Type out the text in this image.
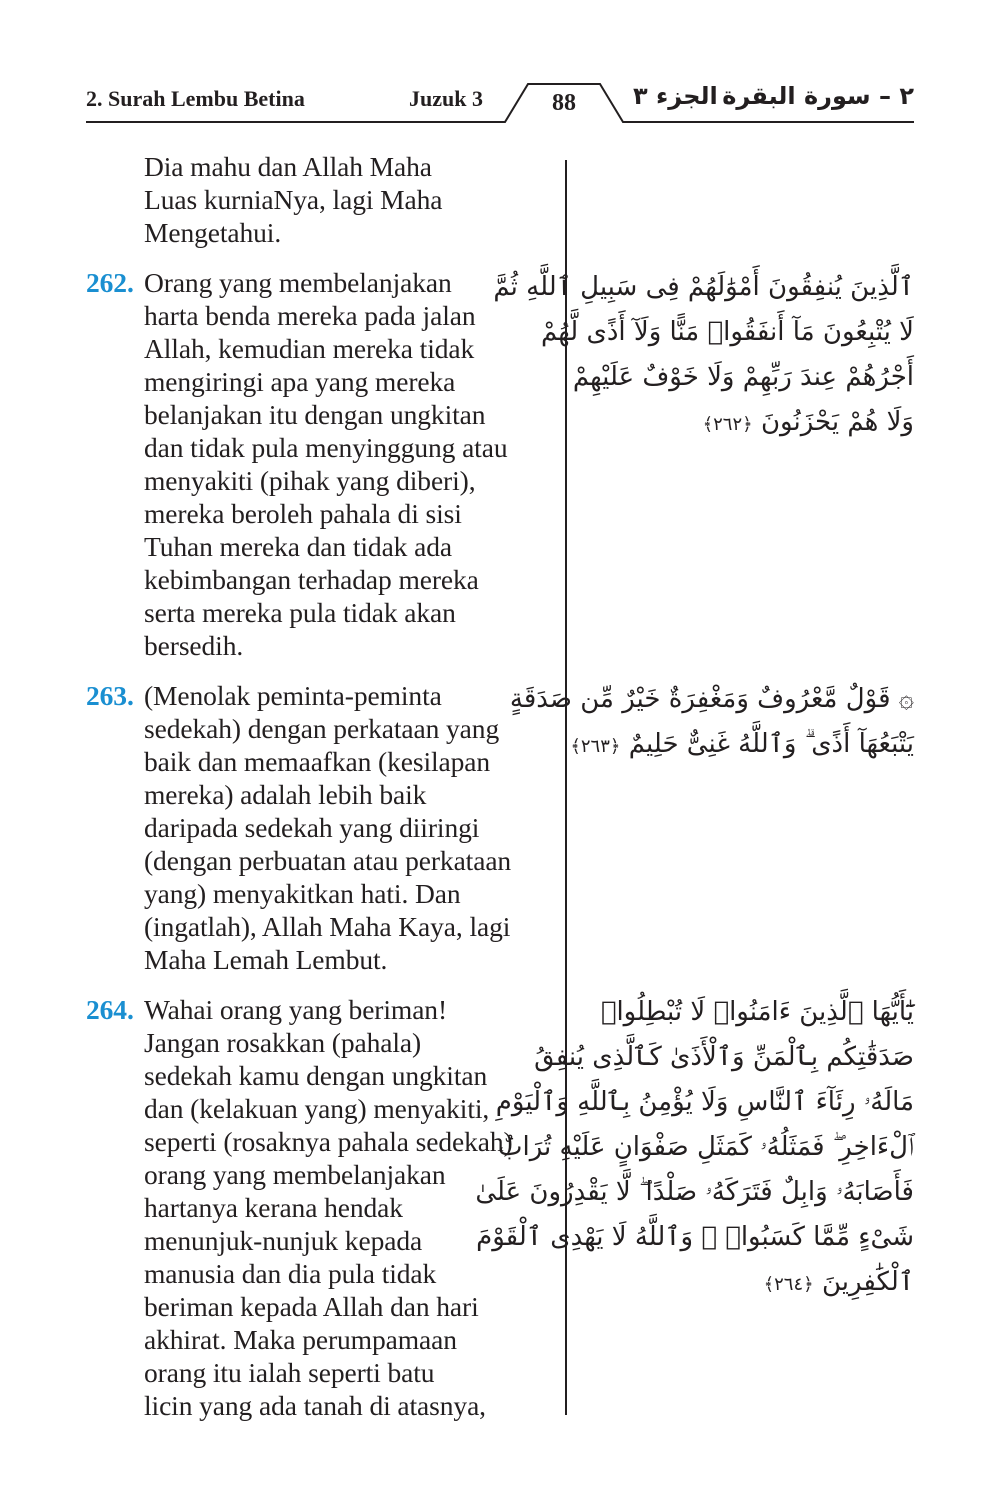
2. Surah Lembu Betina	Juzuk 3	88	الجزء ٣ ٢ – سورة البقرة
Dia mahu dan Allah Maha
Luas kurniaNya, lagi Maha
Mengetahui.
262. Orang yang membelanjakan
harta benda mereka pada jalan
Allah, kemudian mereka tidak
mengiringi apa yang mereka
belanjakan itu dengan ungkitan
dan tidak pula menyinggung atau
menyakiti (pihak yang diberi),
mereka beroleh pahala di sisi
Tuhan mereka dan tidak ada
kebimbangan terhadap mereka
serta mereka pula tidak akan
bersedih.
263. (Menolak peminta-peminta
sedekah) dengan perkataan yang
baik dan memaafkan (kesilapan
mereka) adalah lebih baik
daripada sedekah yang diiringi
(dengan perbuatan atau perkataan
yang) menyakitkan hati. Dan
(ingatlah), Allah Maha Kaya, lagi
Maha Lemah Lembut.
264. Wahai orang yang beriman!
Jangan rosakkan (pahala)
sedekah kamu dengan ungkitan
dan (kelakuan yang) menyakiti,
seperti (rosaknya pahala sedekah)
orang yang membelanjakan
hartanya kerana hendak
menunjuk-nunjuk kepada
manusia dan dia pula tidak
beriman kepada Allah dan hari
akhirat. Maka perumpamaan
orang itu ialah seperti batu
licin yang ada tanah di atasnya,
ٱلَّذِينَ يُنفِقُونَ أَمْوَٰلَهُمْ فِى سَبِيلِ ٱللَّهِ ثُمَّ
لَا يُتْبِعُونَ مَآ أَنفَقُوا۟ مَنًّا وَلَآ أَذًى لَّهُمْ
أَجْرُهُمْ عِندَ رَبِّهِمْ وَلَا خَوْفٌ عَلَيْهِمْ
وَلَا هُمْ يَحْزَنُونَ ﴿٢٦٢﴾
۞ قَوْلٌ مَّعْرُوفٌ وَمَغْفِرَةٌ خَيْرٌ مِّن صَدَقَةٍ
يَتْبَعُهَآ أَذًى ۗ وَٱللَّهُ غَنِىٌّ حَلِيمٌ ﴿٢٦٣﴾
يَٰٓأَيُّهَا ٱلَّذِينَ ءَامَنُوا۟ لَا تُبْطِلُوا۟
صَدَقَٰتِكُم بِٱلْمَنِّ وَٱلْأَذَىٰ كَٱلَّذِى يُنفِقُ
مَالَهُۥ رِئَآءَ ٱلنَّاسِ وَلَا يُؤْمِنُ بِٱللَّهِ وَٱلْيَوْمِ
ٱلْءَاخِرِ ۖ فَمَثَلُهُۥ كَمَثَلِ صَفْوَانٍ عَلَيْهِ تُرَابٌ
فَأَصَابَهُۥ وَابِلٌ فَتَرَكَهُۥ صَلْدًا ۖ لَّا يَقْدِرُونَ عَلَىٰ
شَىْءٍ مِّمَّا كَسَبُوا۟ ۗ وَٱللَّهُ لَا يَهْدِى ٱلْقَوْمَ
ٱلْكَٰفِرِينَ ﴿٢٦٤﴾
